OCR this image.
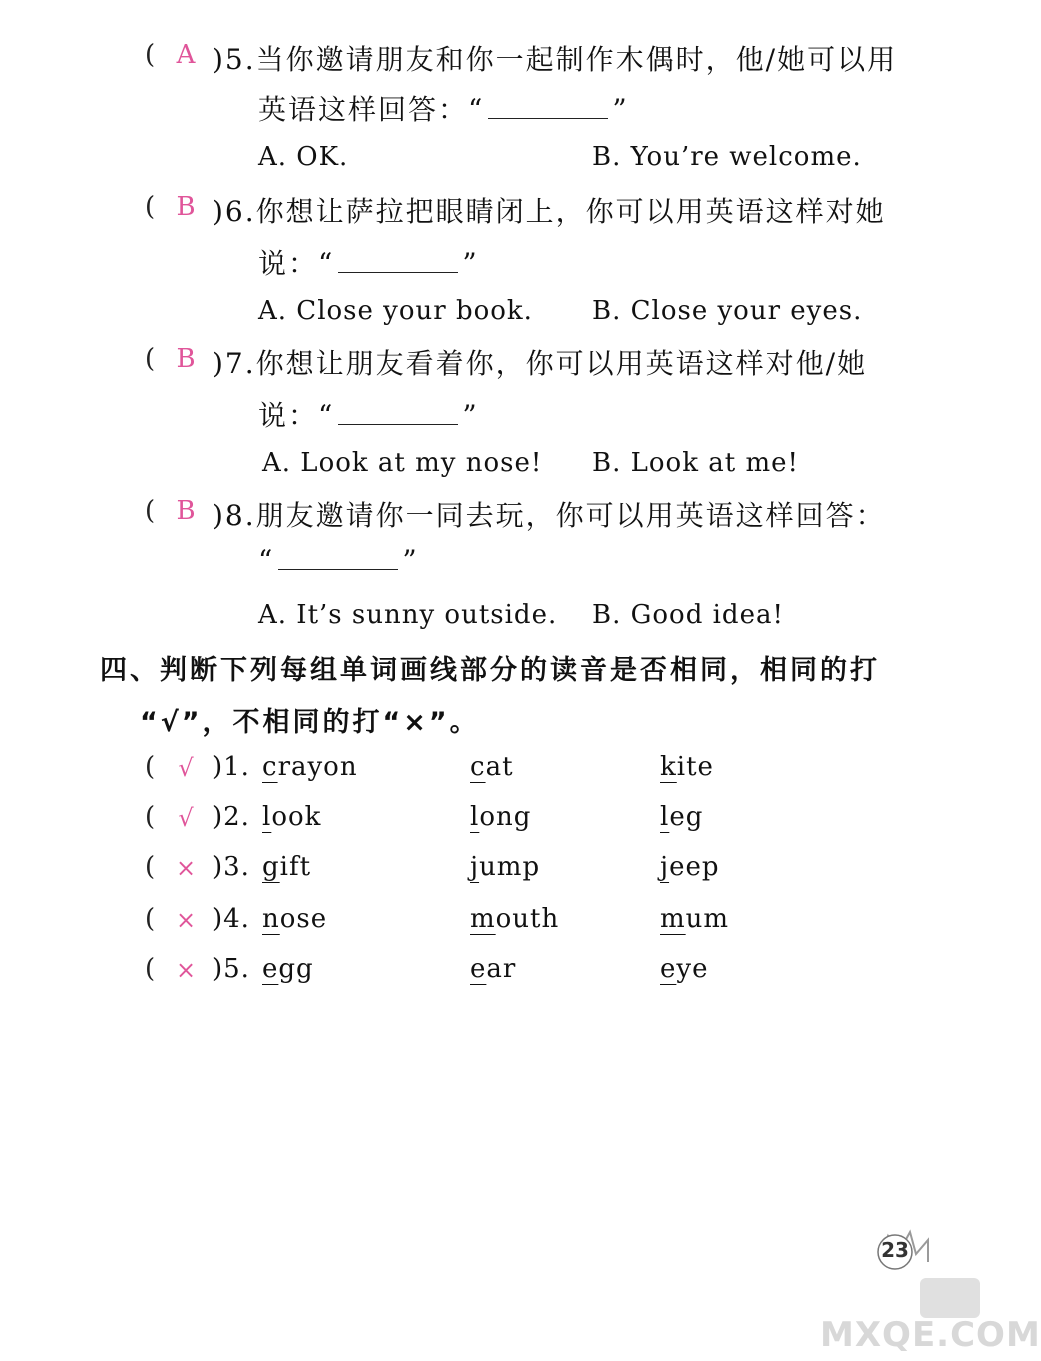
( A )5.当你邀请朋友和你一起制作木偶时，他/她可以用
英语这样回答：“	”
A. OK.	B. You’re welcome.
( B )6.你想让萨拉把眼睛闭上，你可以用英语这样对她
说：“	”
A. Close your book. B. Close your eyes.
( B )7.你想让朋友看着你，你可以用英语这样对他/她
说：“	”
A. Look at my nose! B. Look at me!
( B )8.朋友邀请你一同去玩，你可以用英语这样回答：
“	”
A. It’s sunny outside. B. Good idea!
四、判断下列每组单词画线部分的读音是否相同，相同的打
“√”，不相同的打“×”。
( √ )1. crayon	cat	kite
( √ )2. look	long	leg
( × )3. gift	jump	jeep
( × )4. nose	mouth	mum
( × )5. egg	ear	eye
23
MXQE.COM
